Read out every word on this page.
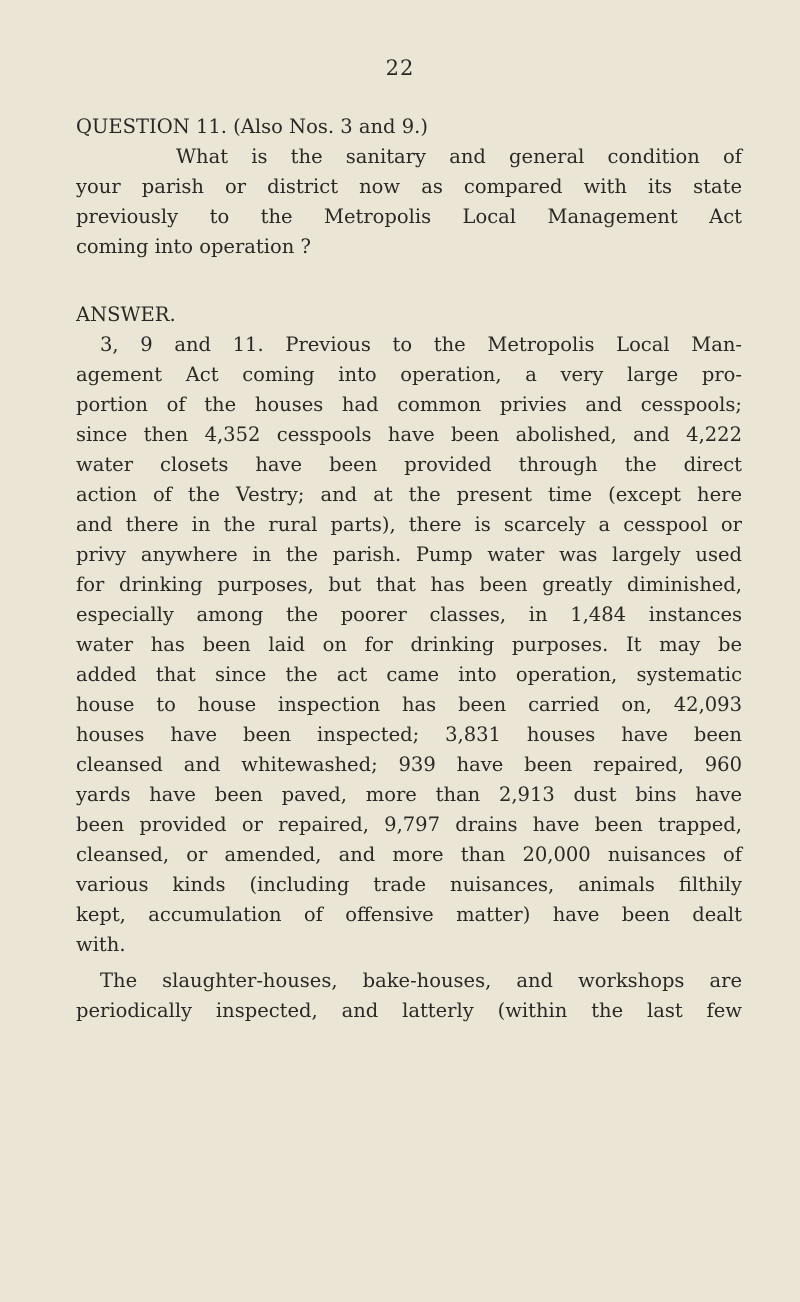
22
QUESTION 11. (Also Nos. 3 and 9.)
What is the sanitary and general condition of
your parish or district now as compared with its state
previously to the Metropolis Local Management Act
coming into operation ?
ANSWER.
3, 9 and 11. Previous to the Metropolis Local Man-
agement Act coming into operation, a very large pro-
portion of the houses had common privies and cesspools;
since then 4,352 cesspools have been abolished, and 4,222
water closets have been provided through the direct
action of the Vestry; and at the present time (except here
and there in the rural parts), there is scarcely a cesspool or
privy anywhere in the parish. Pump water was largely used
for drinking purposes, but that has been greatly diminished,
especially among the poorer classes, in 1,484 instances
water has been laid on for drinking purposes. It may be
added that since the act came into operation, systematic
house to house inspection has been carried on, 42,093
houses have been inspected; 3,831 houses have been
cleansed and whitewashed; 939 have been repaired, 960
yards have been paved, more than 2,913 dust bins have
been provided or repaired, 9,797 drains have been trapped,
cleansed, or amended, and more than 20,000 nuisances of
various kinds (including trade nuisances, animals filthily
kept, accumulation of offensive matter) have been dealt
with.
The slaughter-houses, bake-houses, and workshops are
periodically inspected, and latterly (within the last few
